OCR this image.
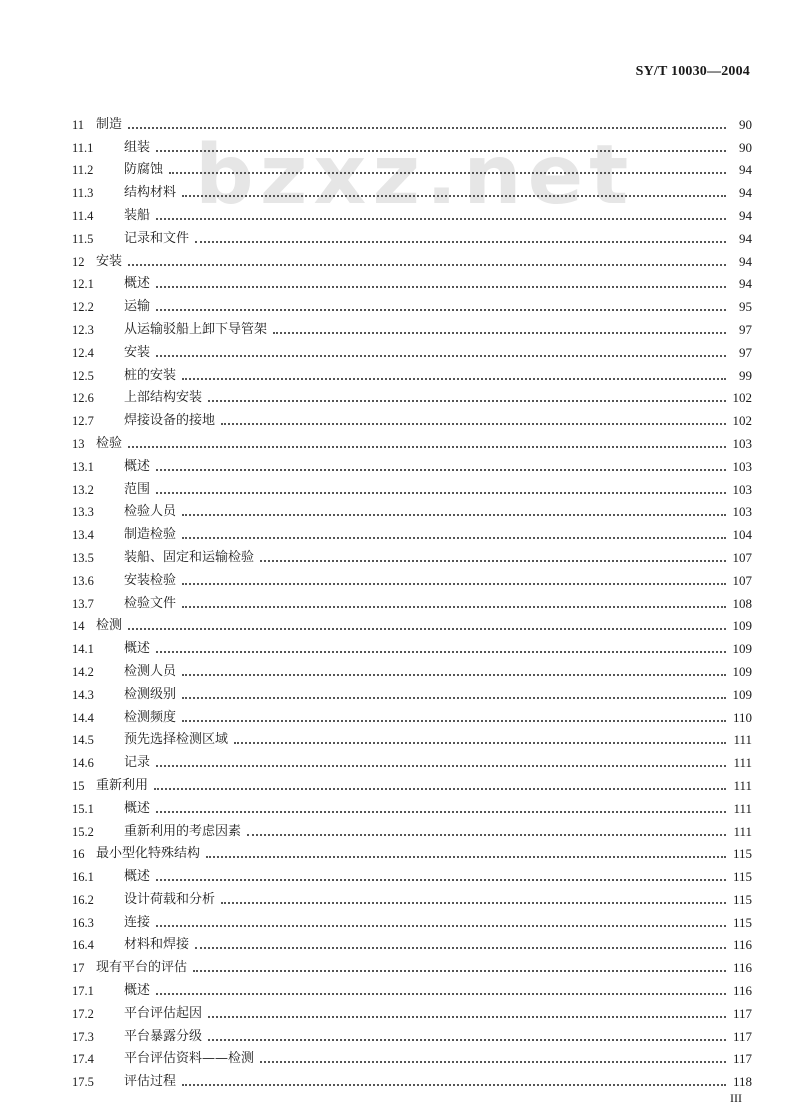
SY/T 10030—2004
bzxz.net
11 制造	90
11.1	组装	90
11.2	防腐蚀	94
11.3	结构材料	94
11.4	装船	94
11.5	记录和文件	94
12 安装	94
12.1	概述	94
12.2	运输	95
12.3	从运输驳船上卸下导管架	97
12.4	安装	97
12.5	桩的安装	99
12.6	上部结构安装	102
12.7	焊接设备的接地	102
13 检验	103
13.1	概述	103
13.2	范围	103
13.3	检验人员	103
13.4	制造检验	104
13.5	装船、固定和运输检验	107
13.6	安装检验	107
13.7	检验文件	108
14 检测	109
14.1	概述	109
14.2	检测人员	109
14.3	检测级别	109
14.4	检测频度	110
14.5	预先选择检测区域	111
14.6	记录	111
15 重新利用	111
15.1	概述	111
15.2	重新利用的考虑因素	111
16 最小型化特殊结构	115
16.1	概述	115
16.2	设计荷载和分析	115
16.3	连接	115
16.4	材料和焊接	116
17 现有平台的评估	116
17.1	概述	116
17.2	平台评估起因	117
17.3	平台暴露分级	117
17.4	平台评估资料——检测	117
17.5	评估过程	118
III
